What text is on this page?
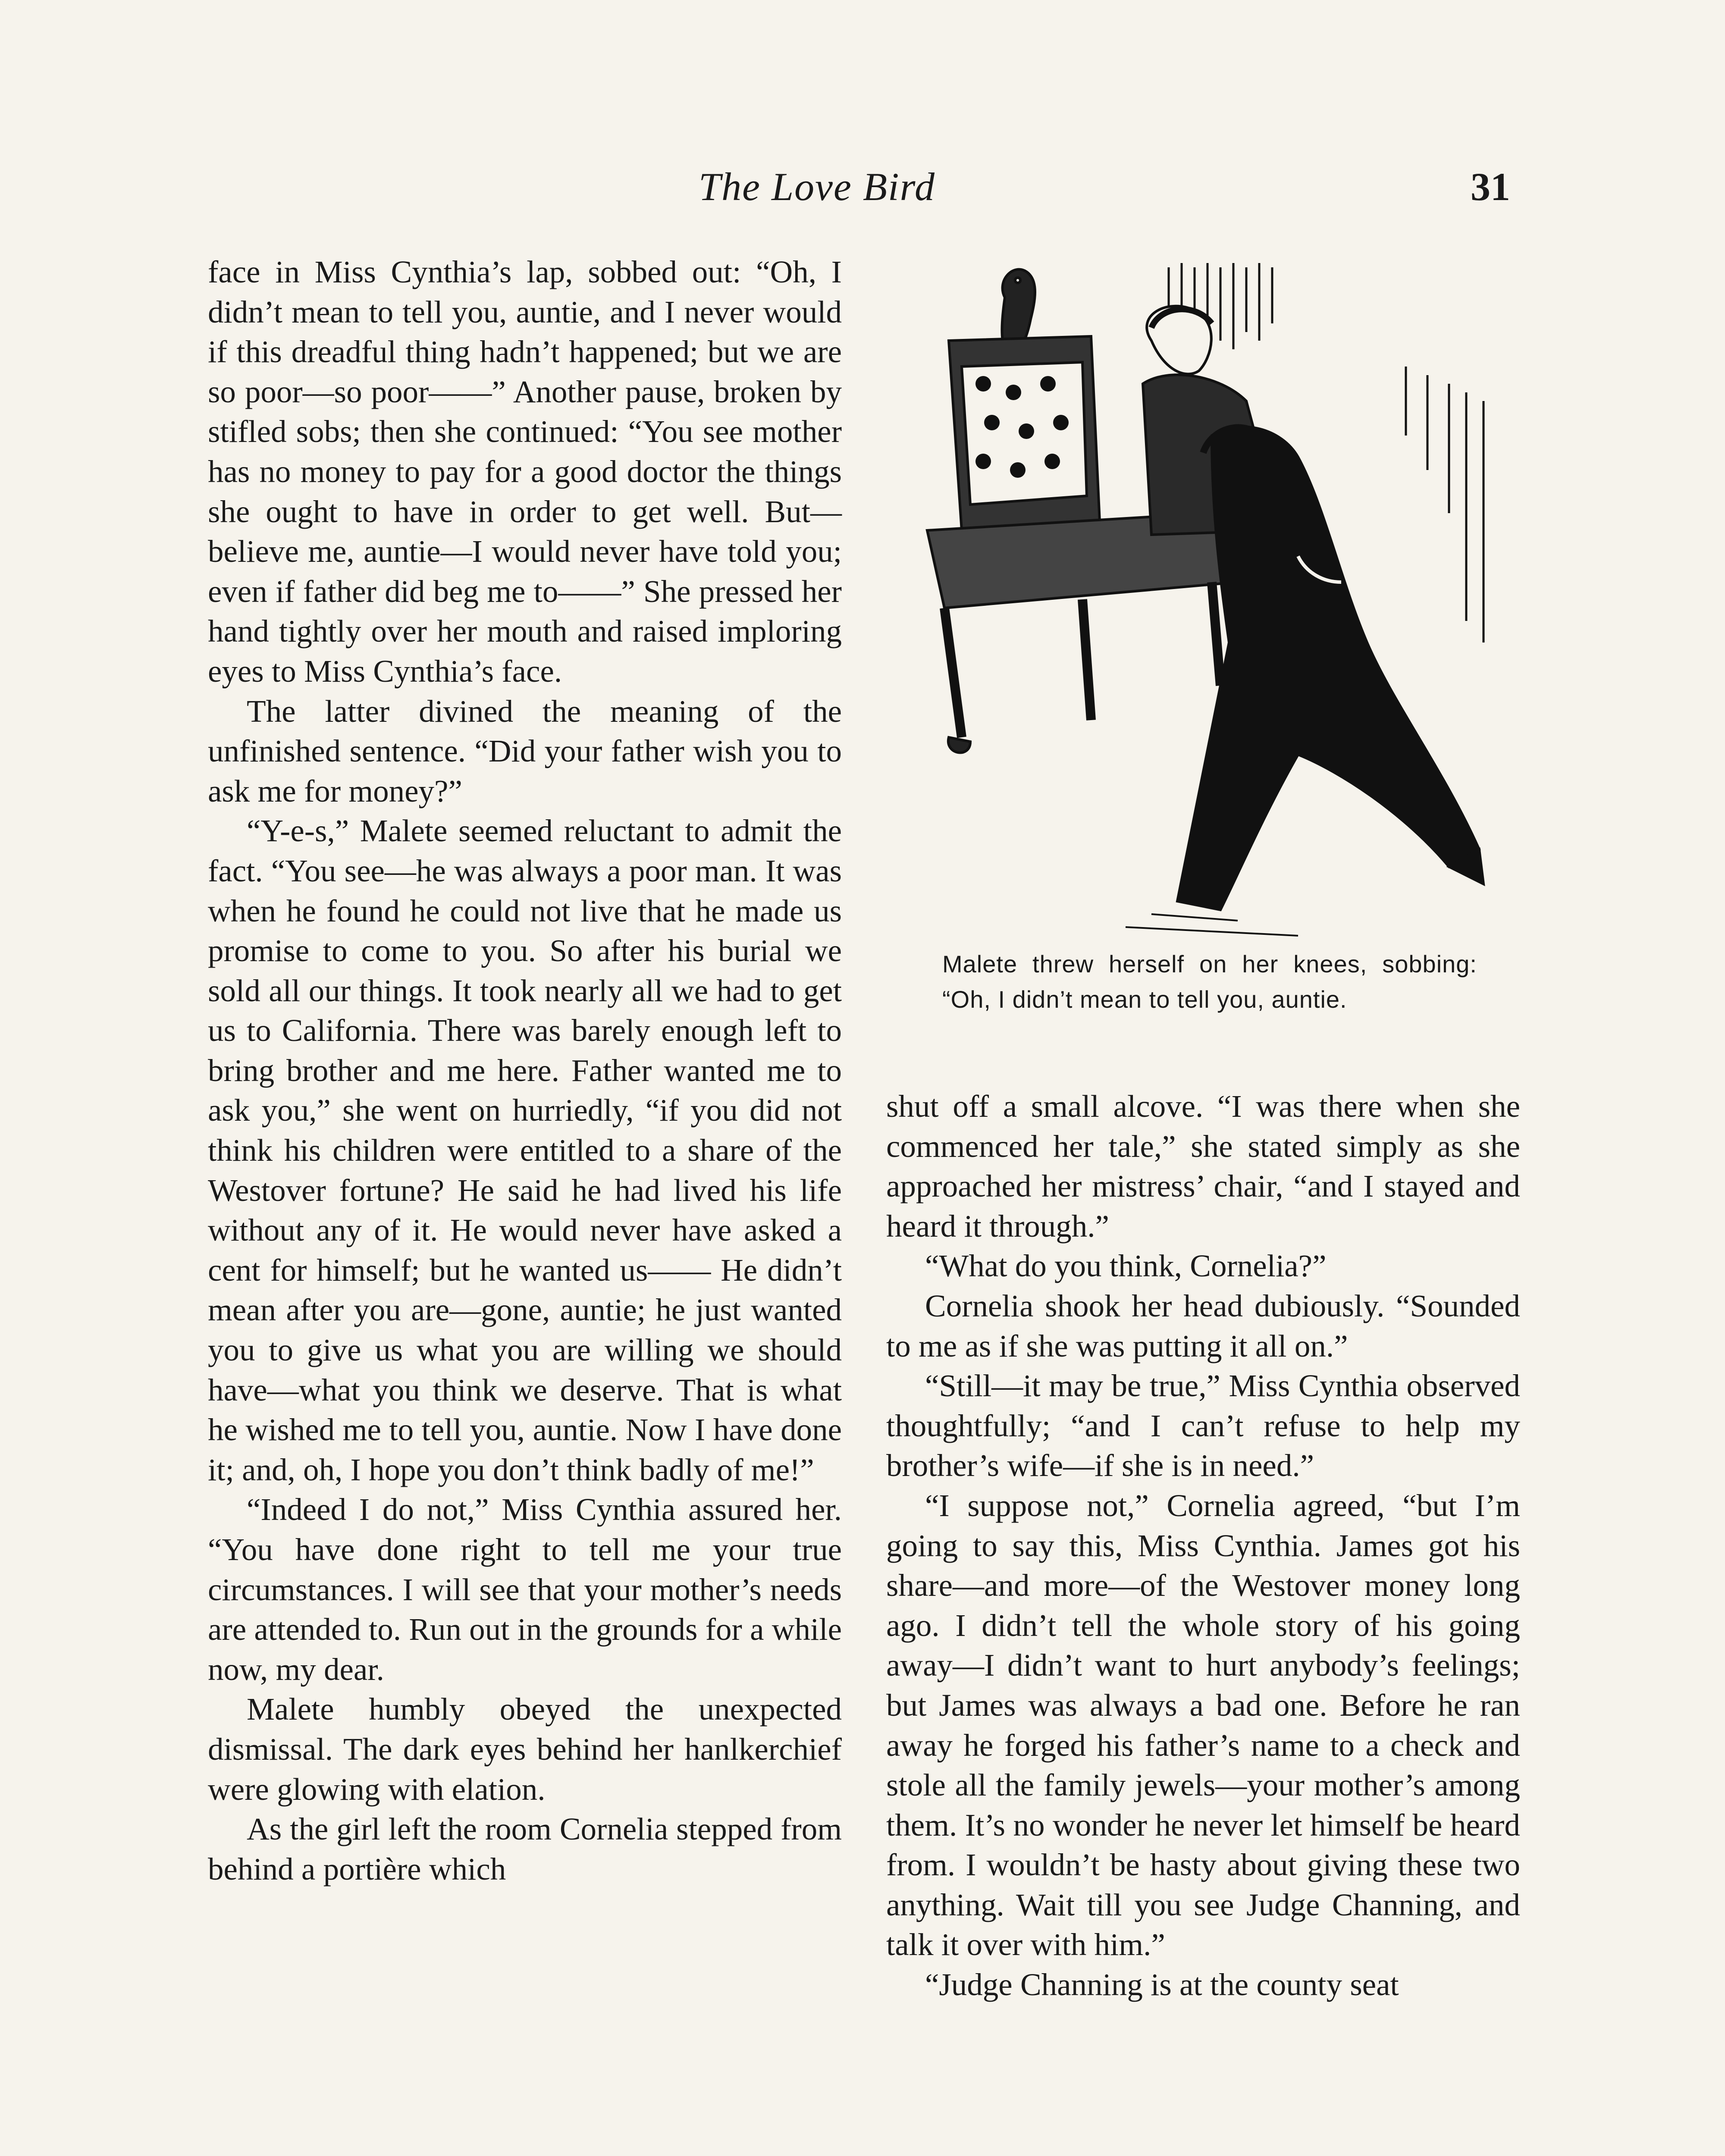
The Love Bird	31

face in Miss Cynthia’s lap, sobbed out: “Oh, I didn’t mean to tell you, auntie, and I never would if this dreadful thing hadn’t happened; but we are so poor—so poor——” Another pause, broken by stifled sobs; then she continued: “You see mother has no money to pay for a good doctor the things she ought to have in order to get well. But—believe me, auntie—I would never have told you; even if father did beg me to——” She pressed her hand tightly over her mouth and raised imploring eyes to Miss Cynthia’s face.

The latter divined the meaning of the unfinished sentence. “Did your father wish you to ask me for money?”

“Y-e-s,” Malete seemed reluctant to admit the fact. “You see—he was always a poor man. It was when he found he could not live that he made us promise to come to you. So after his burial we sold all our things. It took nearly all we had to get us to California. There was barely enough left to bring brother and me here. Father wanted me to ask you,” she went on hurriedly, “if you did not think his children were entitled to a share of the Westover fortune? He said he had lived his life without any of it. He would never have asked a cent for himself; but he wanted us—— He didn’t mean after you are—gone, auntie; he just wanted you to give us what you are willing we should have—what you think we deserve. That is what he wished me to tell you, auntie. Now I have done it; and, oh, I hope you don’t think badly of me!”

“Indeed I do not,” Miss Cynthia assured her. “You have done right to tell me your true circumstances. I will see that your mother’s needs are attended to. Run out in the grounds for a while now, my dear.

Malete humbly obeyed the unexpected dismissal. The dark eyes behind her hanlkerchief were glowing with elation.

As the girl left the room Cornelia stepped from behind a portière which

Malete threw herself on her knees, sobbing: “Oh, I didn’t mean to tell you, auntie.

shut off a small alcove. “I was there when she commenced her tale,” she stated simply as she approached her mistress’ chair, “and I stayed and heard it through.”

“What do you think, Cornelia?”

Cornelia shook her head dubiously. “Sounded to me as if she was putting it all on.”

“Still—it may be true,” Miss Cynthia observed thoughtfully; “and I can’t refuse to help my brother’s wife—if she is in need.”

“I suppose not,” Cornelia agreed, “but I’m going to say this, Miss Cynthia. James got his share—and more—of the Westover money long ago. I didn’t tell the whole story of his going away—I didn’t want to hurt anybody’s feelings; but James was always a bad one. Before he ran away he forged his father’s name to a check and stole all the family jewels—your mother’s among them. It’s no wonder he never let himself be heard from. I wouldn’t be hasty about giving these two anything. Wait till you see Judge Channing, and talk it over with him.”

“Judge Channing is at the county seat
